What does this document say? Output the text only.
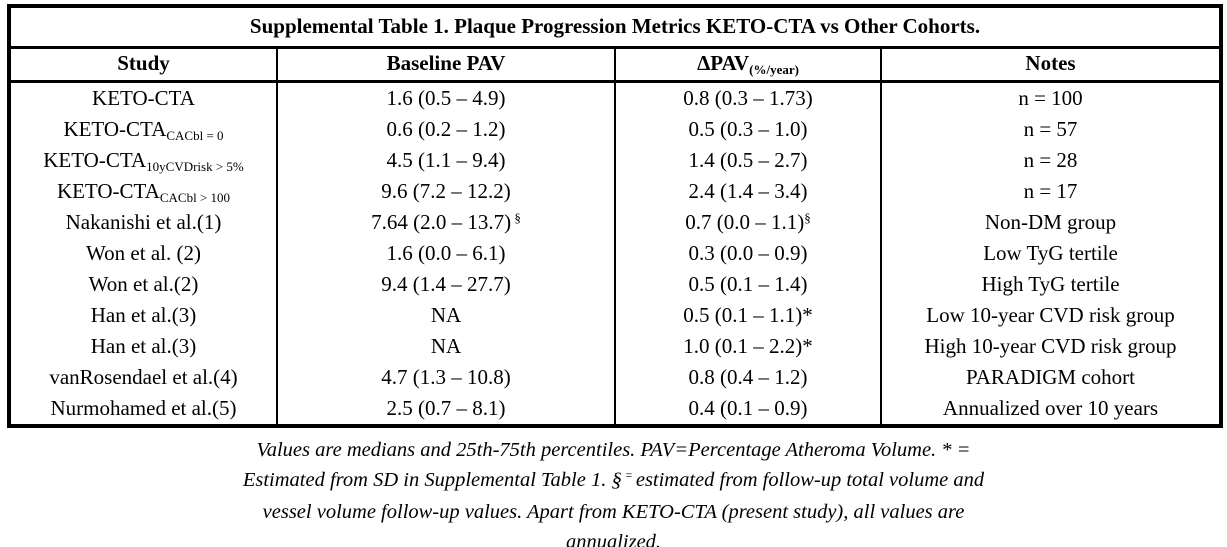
Supplemental Table 1. Plaque Progression Metrics KETO-CTA vs Other Cohorts.			
Study	Baseline PAV	ΔPAV(%/year)	Notes
KETO-CTA	1.6 (0.5 – 4.9)	0.8 (0.3 – 1.73)	n = 100
KETO-CTACACbl = 0	0.6 (0.2 – 1.2)	0.5 (0.3 – 1.0)	n = 57
KETO-CTA10yCVDrisk > 5%	4.5 (1.1 – 9.4)	1.4 (0.5 – 2.7)	n = 28
KETO-CTACACbl > 100	9.6 (7.2 – 12.2)	2.4 (1.4 – 3.4)	n = 17
Nakanishi et al.(1)	7.64 (2.0 – 13.7) §	0.7 (0.0 – 1.1)§	Non-DM group
Won et al. (2)	1.6 (0.0 – 6.1)	0.3 (0.0 – 0.9)	Low TyG tertile
Won et al.(2)	9.4 (1.4 – 27.7)	0.5 (0.1 – 1.4)	High TyG tertile
Han et al.(3)	NA	0.5 (0.1 – 1.1)*	Low 10-year CVD risk group
Han et al.(3)	NA	1.0 (0.1 – 2.2)*	High 10-year CVD risk group
vanRosendael et al.(4)	4.7 (1.3 – 10.8)	0.8 (0.4 – 1.2)	PARADIGM cohort
Nurmohamed et al.(5)	2.5 (0.7 – 8.1)	0.4 (0.1 – 0.9)	Annualized over 10 years
Values are medians and 25th-75th percentiles. PAV=Percentage Atheroma Volume. * =
Estimated from SD in Supplemental Table 1. § = estimated from follow-up total volume and
vessel volume follow-up values. Apart from KETO-CTA (present study), all values are
annualized.
